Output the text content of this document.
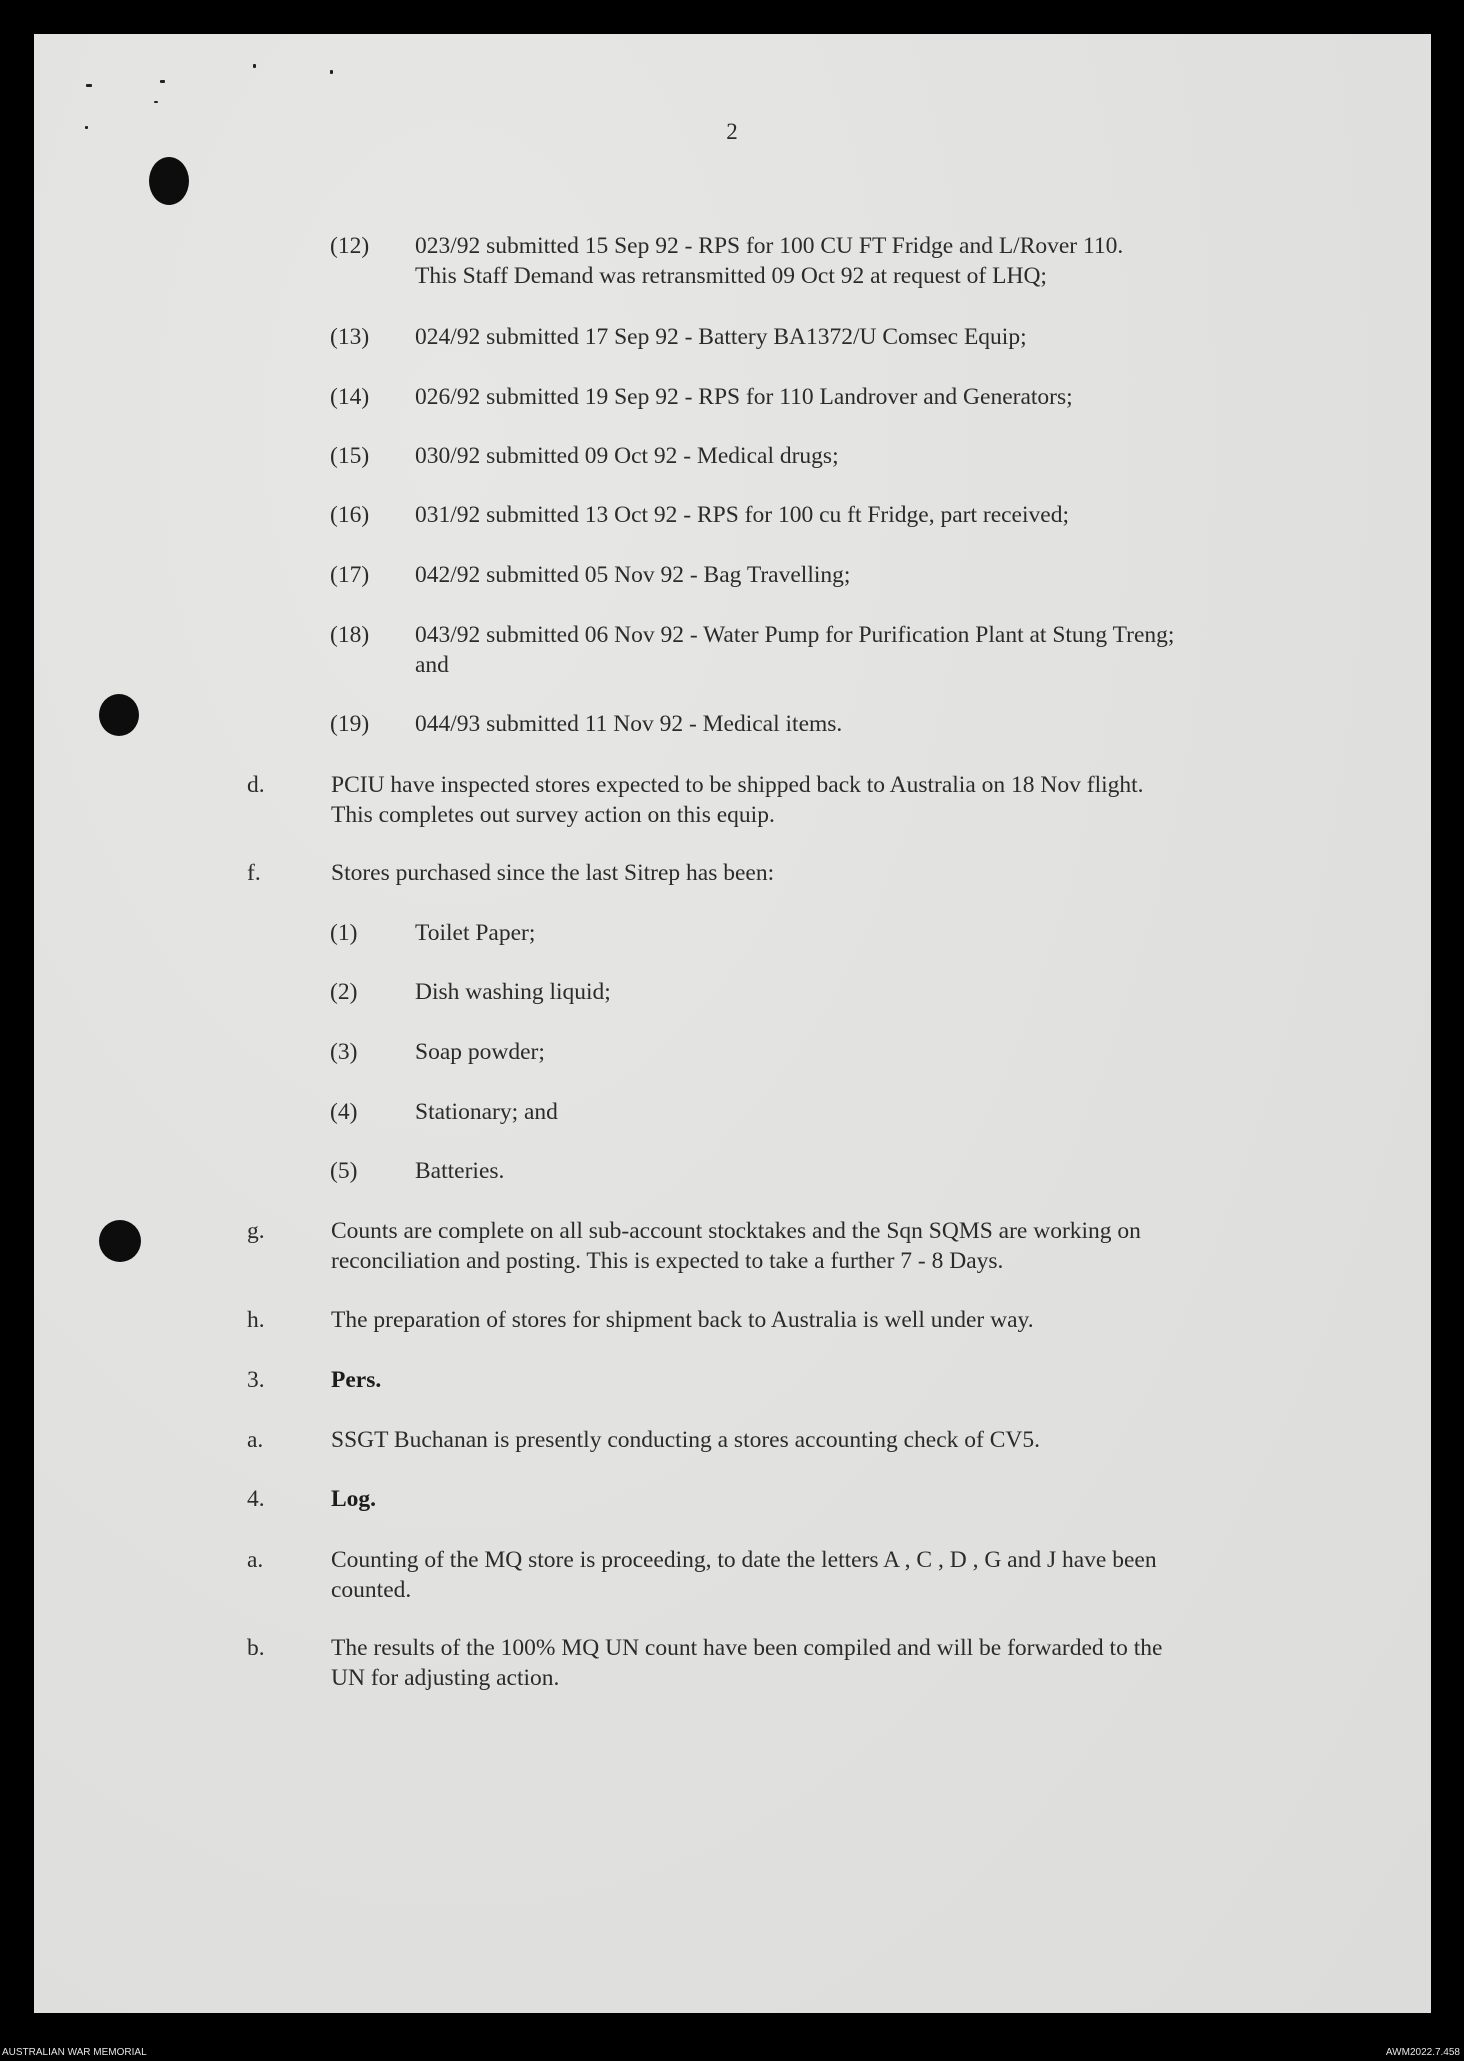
2
(12) 023/92 submitted 15 Sep 92 - RPS for 100 CU FT Fridge and L/Rover 110.
This Staff Demand was retransmitted 09 Oct 92 at request of LHQ;
(13) 024/92 submitted 17 Sep 92 - Battery BA1372/U Comsec Equip;
(14) 026/92 submitted 19 Sep 92 - RPS for 110 Landrover and Generators;
(15) 030/92 submitted 09 Oct 92 - Medical drugs;
(16) 031/92 submitted 13 Oct 92 - RPS for 100 cu ft Fridge, part received;
(17) 042/92 submitted 05 Nov 92 - Bag Travelling;
(18) 043/92 submitted 06 Nov 92 - Water Pump for Purification Plant at Stung Treng;
and
(19) 044/93 submitted 11 Nov 92 - Medical items.
d.	PCIU have inspected stores expected to be shipped back to Australia on 18 Nov flight.
This completes out survey action on this equip.
f.	Stores purchased since the last Sitrep has been:
(1) Toilet Paper;
(2) Dish washing liquid;
(3) Soap powder;
(4) Stationary; and
(5) Batteries.
g.	Counts are complete on all sub-account stocktakes and the Sqn SQMS are working on
reconciliation and posting. This is expected to take a further 7 - 8 Days.
h.	The preparation of stores for shipment back to Australia is well under way.
3.	Pers.
a.	SSGT Buchanan is presently conducting a stores accounting check of CV5.
4.	Log.
a.	Counting of the MQ store is proceeding, to date the letters A , C , D , G and J have been
counted.
b.	The results of the 100% MQ UN count have been compiled and will be forwarded to the
UN for adjusting action.
AUSTRALIAN WAR MEMORIAL	AWM2022.7.458
